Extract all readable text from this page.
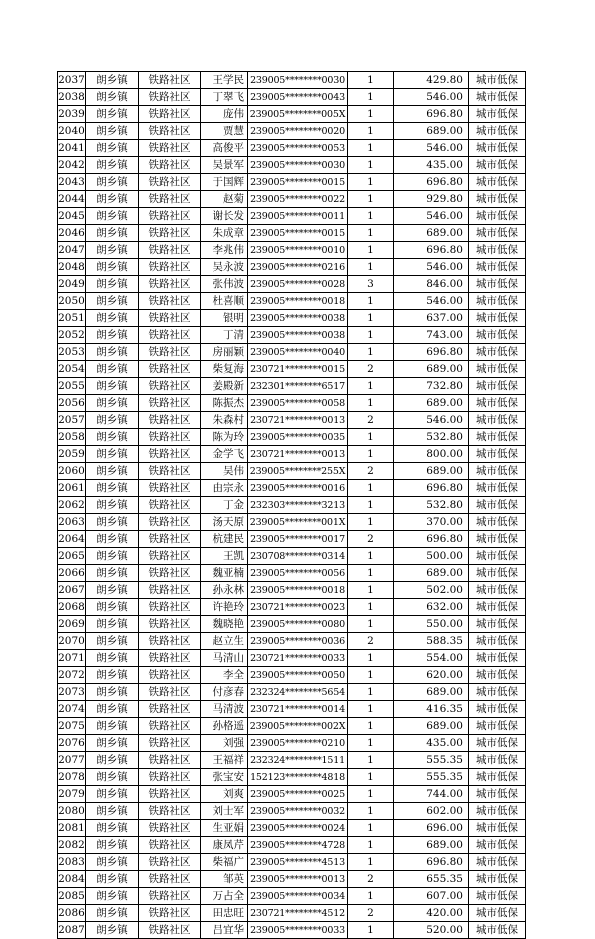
2037	朗乡镇	铁路社区	王学民	239005********0030	1	429.80	城市低保
2038	朗乡镇	铁路社区	丁翠飞	239005********0043	1	546.00	城市低保
2039	朗乡镇	铁路社区	庞伟	239005********005X	1	696.80	城市低保
2040	朗乡镇	铁路社区	贾慧	239005********0020	1	689.00	城市低保
2041	朗乡镇	铁路社区	高俊平	239005********0053	1	546.00	城市低保
2042	朗乡镇	铁路社区	吴景军	239005********0030	1	435.00	城市低保
2043	朗乡镇	铁路社区	于国辉	239005********0015	1	696.80	城市低保
2044	朗乡镇	铁路社区	赵菊	239005********0022	1	929.80	城市低保
2045	朗乡镇	铁路社区	谢长发	239005********0011	1	546.00	城市低保
2046	朗乡镇	铁路社区	朱成章	239005********0015	1	689.00	城市低保
2047	朗乡镇	铁路社区	李兆伟	239005********0010	1	696.80	城市低保
2048	朗乡镇	铁路社区	吴永波	239005********0216	1	546.00	城市低保
2049	朗乡镇	铁路社区	张伟波	239005********0028	3	846.00	城市低保
2050	朗乡镇	铁路社区	杜喜顺	239005********0018	1	546.00	城市低保
2051	朗乡镇	铁路社区	银明	239005********0038	1	637.00	城市低保
2052	朗乡镇	铁路社区	丁清	239005********0038	1	743.00	城市低保
2053	朗乡镇	铁路社区	房丽颖	239005********0040	1	696.80	城市低保
2054	朗乡镇	铁路社区	柴复海	230721********0015	2	689.00	城市低保
2055	朗乡镇	铁路社区	姜殿新	232301********6517	1	732.80	城市低保
2056	朗乡镇	铁路社区	陈振杰	239005********0058	1	689.00	城市低保
2057	朗乡镇	铁路社区	朱森村	230721********0013	2	546.00	城市低保
2058	朗乡镇	铁路社区	陈为玲	239005********0035	1	532.80	城市低保
2059	朗乡镇	铁路社区	金学飞	230721********0013	1	800.00	城市低保
2060	朗乡镇	铁路社区	吴伟	239005********255X	2	689.00	城市低保
2061	朗乡镇	铁路社区	由宗永	239005********0016	1	696.80	城市低保
2062	朗乡镇	铁路社区	丁金	232303********3213	1	532.80	城市低保
2063	朗乡镇	铁路社区	汤天原	239005********001X	1	370.00	城市低保
2064	朗乡镇	铁路社区	杭建民	239005********0017	2	696.80	城市低保
2065	朗乡镇	铁路社区	王凯	230708********0314	1	500.00	城市低保
2066	朗乡镇	铁路社区	魏亚楠	239005********0056	1	689.00	城市低保
2067	朗乡镇	铁路社区	孙永林	239005********0018	1	502.00	城市低保
2068	朗乡镇	铁路社区	许艳玲	230721********0023	1	632.00	城市低保
2069	朗乡镇	铁路社区	魏晓艳	239005********0080	1	550.00	城市低保
2070	朗乡镇	铁路社区	赵立生	239005********0036	2	588.35	城市低保
2071	朗乡镇	铁路社区	马清山	230721********0033	1	554.00	城市低保
2072	朗乡镇	铁路社区	李全	239005********0050	1	620.00	城市低保
2073	朗乡镇	铁路社区	付彦春	232324********5654	1	689.00	城市低保
2074	朗乡镇	铁路社区	马清波	230721********0014	1	416.35	城市低保
2075	朗乡镇	铁路社区	孙格遥	239005********002X	1	689.00	城市低保
2076	朗乡镇	铁路社区	刘强	239005********0210	1	435.00	城市低保
2077	朗乡镇	铁路社区	王福祥	232324********1511	1	555.35	城市低保
2078	朗乡镇	铁路社区	张宝安	152123********4818	1	555.35	城市低保
2079	朗乡镇	铁路社区	刘爽	239005********0025	1	744.00	城市低保
2080	朗乡镇	铁路社区	刘士军	239005********0032	1	602.00	城市低保
2081	朗乡镇	铁路社区	生亚娟	239005********0024	1	696.00	城市低保
2082	朗乡镇	铁路社区	康凤芹	239005********4728	1	689.00	城市低保
2083	朗乡镇	铁路社区	柴福广	239005********4513	1	696.80	城市低保
2084	朗乡镇	铁路社区	邹英	239005********0013	2	655.35	城市低保
2085	朗乡镇	铁路社区	万占全	239005********0034	1	607.00	城市低保
2086	朗乡镇	铁路社区	田忠旺	230721********4512	2	420.00	城市低保
2087	朗乡镇	铁路社区	吕宜华	239005********0033	1	520.00	城市低保
